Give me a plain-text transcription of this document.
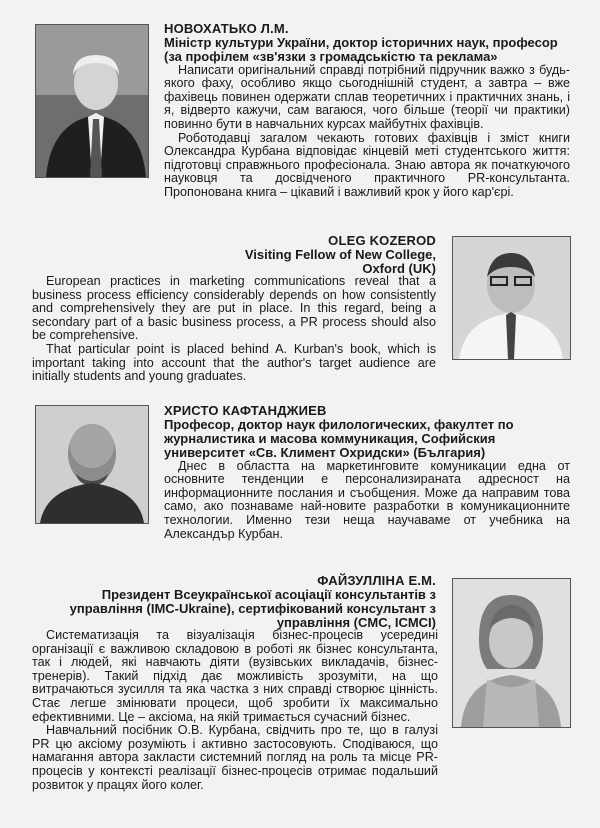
НОВОХАТЬКО Л.М.
Міністр культури України, доктор історичних наук, професор (за профілем «зв'язки з громадськістю та реклама»

Написати оригінальний справді потрібний підручник важко з будь-якого фаху, особливо якщо сьогоднішній студент, а завтра – вже фахівець повинен одержати сплав теоретичних і практичних знань, і я, відверто кажучи, сам вагаюся, чого більше (теорії чи практики) повинно бути в навчальних курсах майбутніх фахівців.

Роботодавці загалом чекають готових фахівців і зміст книги Олександра Курбана відповідає кінцевій меті студентського життя: підготовці справжнього професіонала. Знаю автора як початкуючого науковця та досвідченого практичного PR-консультанта. Пропонована книга – цікавий і важливий крок у його кар'єрі.

OLEG KOZEROD
Visiting Fellow of New College, Oxford (UK)

European practices in marketing communications reveal that a business process efficiency considerably depends on how consistently and comprehensively they are put in place. In this regard, being a secondary part of a basic business process, a PR process should also be comprehensive.

That particular point is placed behind A. Kurban's book, which is important taking into account that the author's target audience are initially students and young graduates.

ХРИСТО КАФТАНДЖИЕВ
Професор, доктор наук филологических, факултет по журналистика и масова коммуникация, Софийския университет «Св. Климент Охридски» (България)

Днес в областта на маркетинговите комуникации една от основните тенденции е персонализираната адресност на информационните послания и съобщения. Може да направим това само, ако познаваме най-новите разработки в комуникационните технологии. Именно тези неща научаваме от учебника на Александър Курбан.

ФАЙЗУЛЛІНА Е.М.
Президент Всеукраїнської асоціації консультантів з управління (IMC-Ukraine), сертифікований консультант з управління (CMC, ICMCI)

Систематизація та візуалізація бізнес-процесів усередині організації є важливою складовою в роботі як бізнес консультанта, так і людей, які навчають діяти (вузівських викладачів, бізнес-тренерів). Такий підхід дає можливість зрозуміти, на що витрачаються зусилля та яка частка з них справді створює цінність. Стає легше змінювати процеси, щоб зробити їх максимально ефективними. Це – аксіома, на якій тримається сучасний бізнес.

Навчальний посібник О.В. Курбана, свідчить про те, що в галузі PR цю аксіому розуміють і активно застосовують. Сподіваюся, що намагання автора закласти системний погляд на роль та місце PR-процесів у контексті реалізації бізнес-процесів отримає подальший розвиток у працях його колег.
